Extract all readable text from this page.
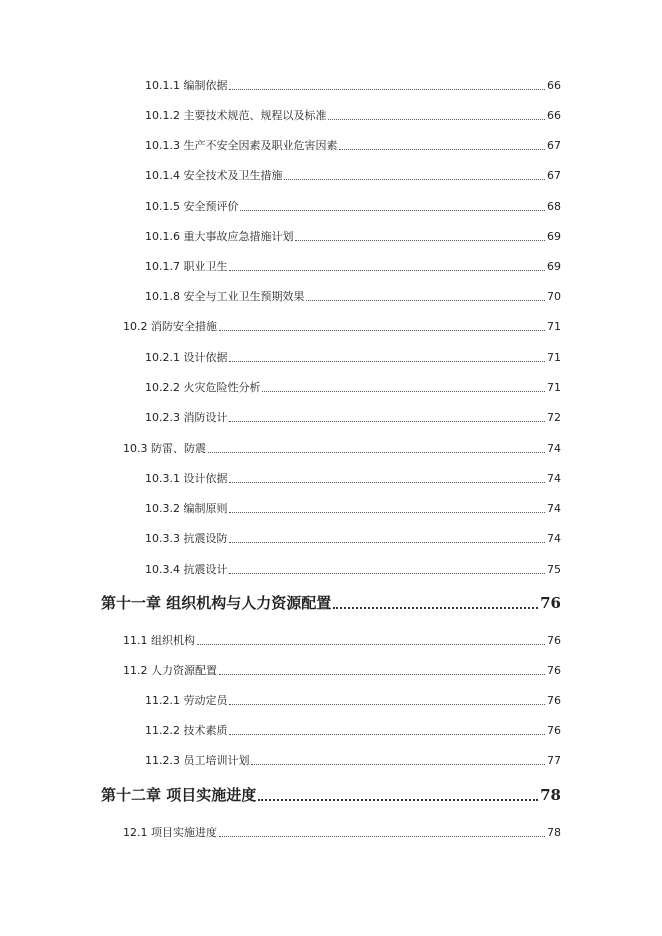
10.1.1 编制依据	66
10.1.2 主要技术规范、规程以及标准	66
10.1.3 生产不安全因素及职业危害因素	67
10.1.4 安全技术及卫生措施	67
10.1.5 安全预评价	68
10.1.6 重大事故应急措施计划	69
10.1.7 职业卫生	69
10.1.8 安全与工业卫生预期效果	70
10.2 消防安全措施	71
10.2.1 设计依据	71
10.2.2 火灾危险性分析	71
10.2.3 消防设计	72
10.3 防雷、防震	74
10.3.1 设计依据	74
10.3.2 编制原则	74
10.3.3 抗震设防	74
10.3.4 抗震设计	75
第十一章 组织机构与人力资源配置	76
11.1 组织机构	76
11.2 人力资源配置	76
11.2.1 劳动定员	76
11.2.2 技术素质	76
11.2.3 员工培训计划	77
第十二章 项目实施进度	78
12.1 项目实施进度	78
